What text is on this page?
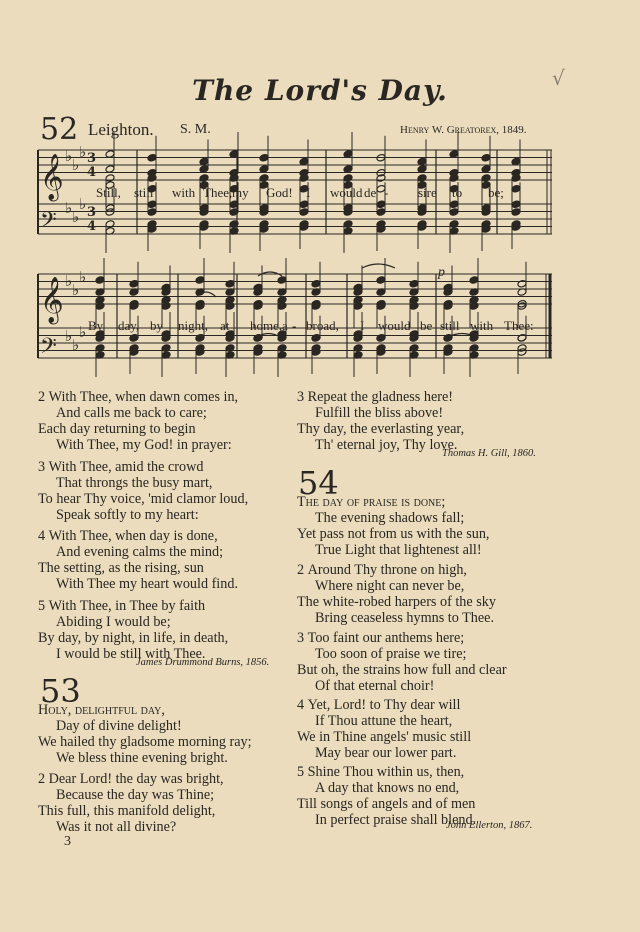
The Lord's Day.	√
52 Leighton. S. M.	Henry W. Greatorex, 1849.
𝄞
𝄢
𝄞
𝄢
♭ ♭
♭
♭ ♭
♭
♭ ♭
♭
♭ ♭
♭
3
4
3
4
p
Still, still with Thee, my God! I would de - sire to be;
By day, by night, at home, a - broad, I would be still with Thee:
2 With Thee, when dawn comes in,
And calls me back to care;
Each day returning to begin
With Thee, my God! in prayer:
3 With Thee, amid the crowd
That throngs the busy mart,
To hear Thy voice, 'mid clamor loud,
Speak softly to my heart:
4 With Thee, when day is done,
And evening calms the mind;
The setting, as the rising, sun
With Thee my heart would find.
5 With Thee, in Thee by faith
Abiding I would be;
By day, by night, in life, in death,
I would be still with Thee.
James Drummond Burns, 1856.
53
Holy, delightful day,
Day of divine delight!
We hailed thy gladsome morning ray;
We bless thine evening bright.
2 Dear Lord! the day was bright,
Because the day was Thine;
This full, this manifold delight,
Was it not all divine?
3
3 Repeat the gladness here!
Fulfill the bliss above!
Thy day, the everlasting year,
Th' eternal joy, Thy love.
Thomas H. Gill, 1860.
54
The day of praise is done;
The evening shadows fall;
Yet pass not from us with the sun,
True Light that lightenest all!
2 Around Thy throne on high,
Where night can never be,
The white-robed harpers of the sky
Bring ceaseless hymns to Thee.
3 Too faint our anthems here;
Too soon of praise we tire;
But oh, the strains how full and clear
Of that eternal choir!
4 Yet, Lord! to Thy dear will
If Thou attune the heart,
We in Thine angels' music still
May bear our lower part.
5 Shine Thou within us, then,
A day that knows no end,
Till songs of angels and of men
In perfect praise shall blend.
John Ellerton, 1867.
